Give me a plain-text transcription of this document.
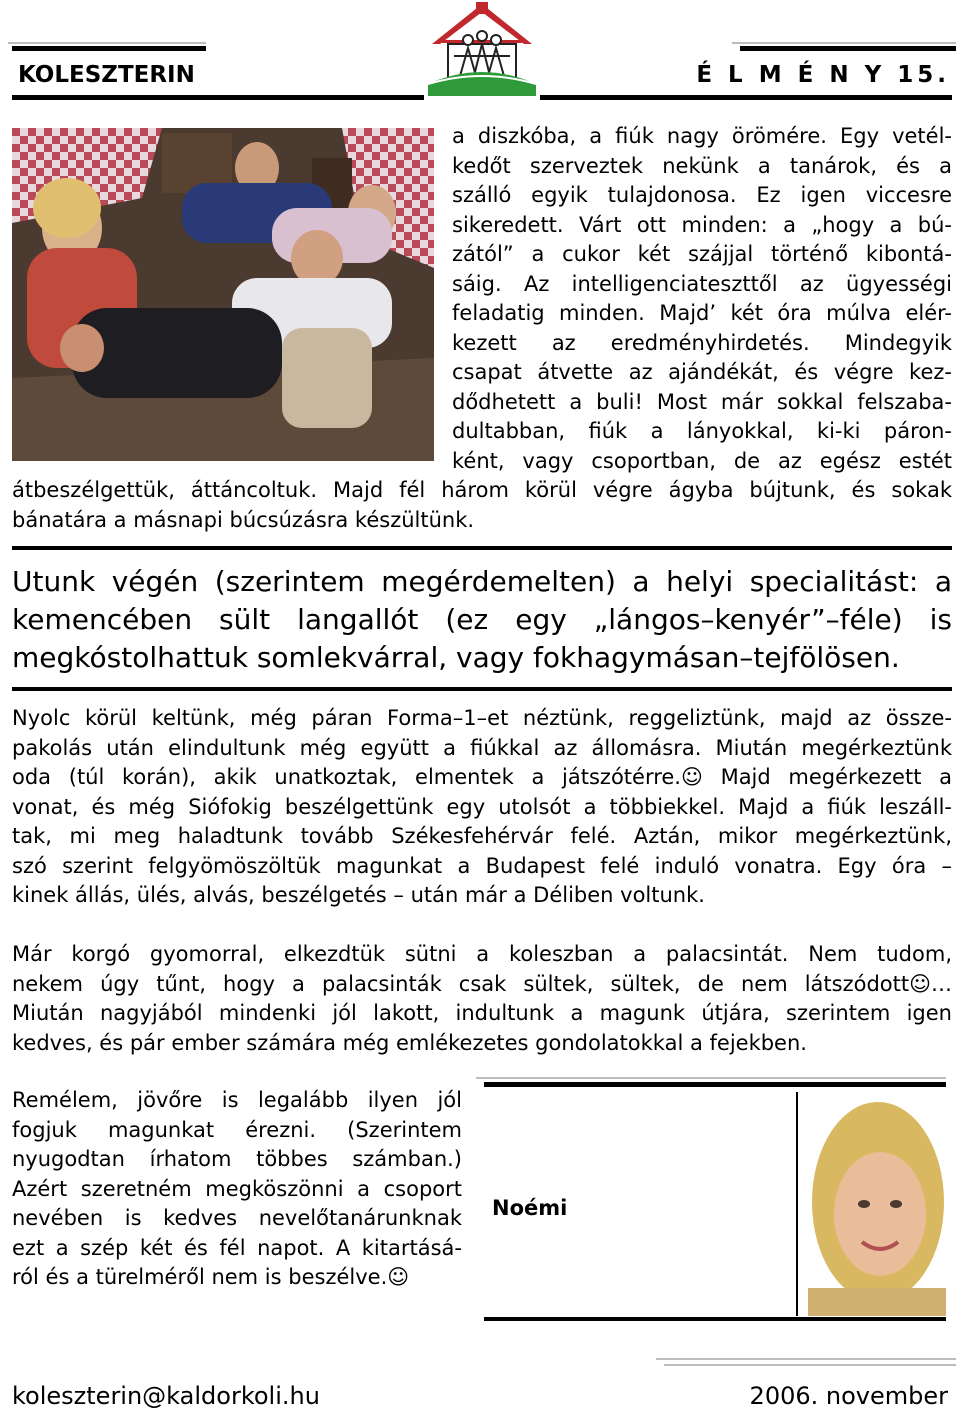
KOLESZTERIN	É L M É N Y 15.
a diszkóba, a fiúk nagy örömére. Egy vetél-
kedőt szerveztek nekünk a tanárok, és a
szálló egyik tulajdonosa. Ez igen viccesre
sikeredett. Várt ott minden: a „hogy a bú-
zától” a cukor két szájjal történő kibontá-
sáig. Az intelligenciateszttől az ügyességi
feladatig minden. Majd’ két óra múlva elér-
kezett az eredményhirdetés. Mindegyik
csapat átvette az ajándékát, és végre kez-
dődhetett a buli! Most már sokkal felszaba-
dultabban, fiúk a lányokkal, ki-ki páron-
ként, vagy csoportban, de az egész estét
átbeszélgettük, áttáncoltuk. Majd fél három körül végre ágyba bújtunk, és sokak
bánatára a másnapi búcsúzásra készültünk.
Utunk végén (szerintem megérdemelten) a helyi specialitást: a
kemencében sült langallót (ez egy „lángos–kenyér”–féle) is
megkóstolhattuk somlekvárral, vagy fokhagymásan–tejfölösen.
Nyolc körül keltünk, még páran Forma–1–et néztünk, reggeliztünk, majd az össze-
pakolás után elindultunk még együtt a fiúkkal az állomásra. Miután megérkeztünk
oda (túl korán), akik unatkoztak, elmentek a játszótérre.☺ Majd megérkezett a
vonat, és még Siófokig beszélgettünk egy utolsót a többiekkel. Majd a fiúk leszáll-
tak, mi meg haladtunk tovább Székesfehérvár felé. Aztán, mikor megérkeztünk,
szó szerint felgyömöszöltük magunkat a Budapest felé induló vonatra. Egy óra –
kinek állás, ülés, alvás, beszélgetés – után már a Déliben voltunk.
Már korgó gyomorral, elkezdtük sütni a koleszban a palacsintát. Nem tudom,
nekem úgy tűnt, hogy a palacsinták csak sültek, sültek, de nem látszódott☺…
Miután nagyjából mindenki jól lakott, indultunk a magunk útjára, szerintem igen
kedves, és pár ember számára még emlékezetes gondolatokkal a fejekben.
Remélem, jövőre is legalább ilyen jól
fogjuk magunkat érezni. (Szerintem
nyugodtan írhatom többes számban.)
Azért szeretném megköszönni a csoport
nevében is kedves nevelőtanárunknak
ezt a szép két és fél napot. A kitartásá-
ról és a türelméről nem is beszélve.☺
Noémi
koleszterin@kaldorkoli.hu	2006. november
